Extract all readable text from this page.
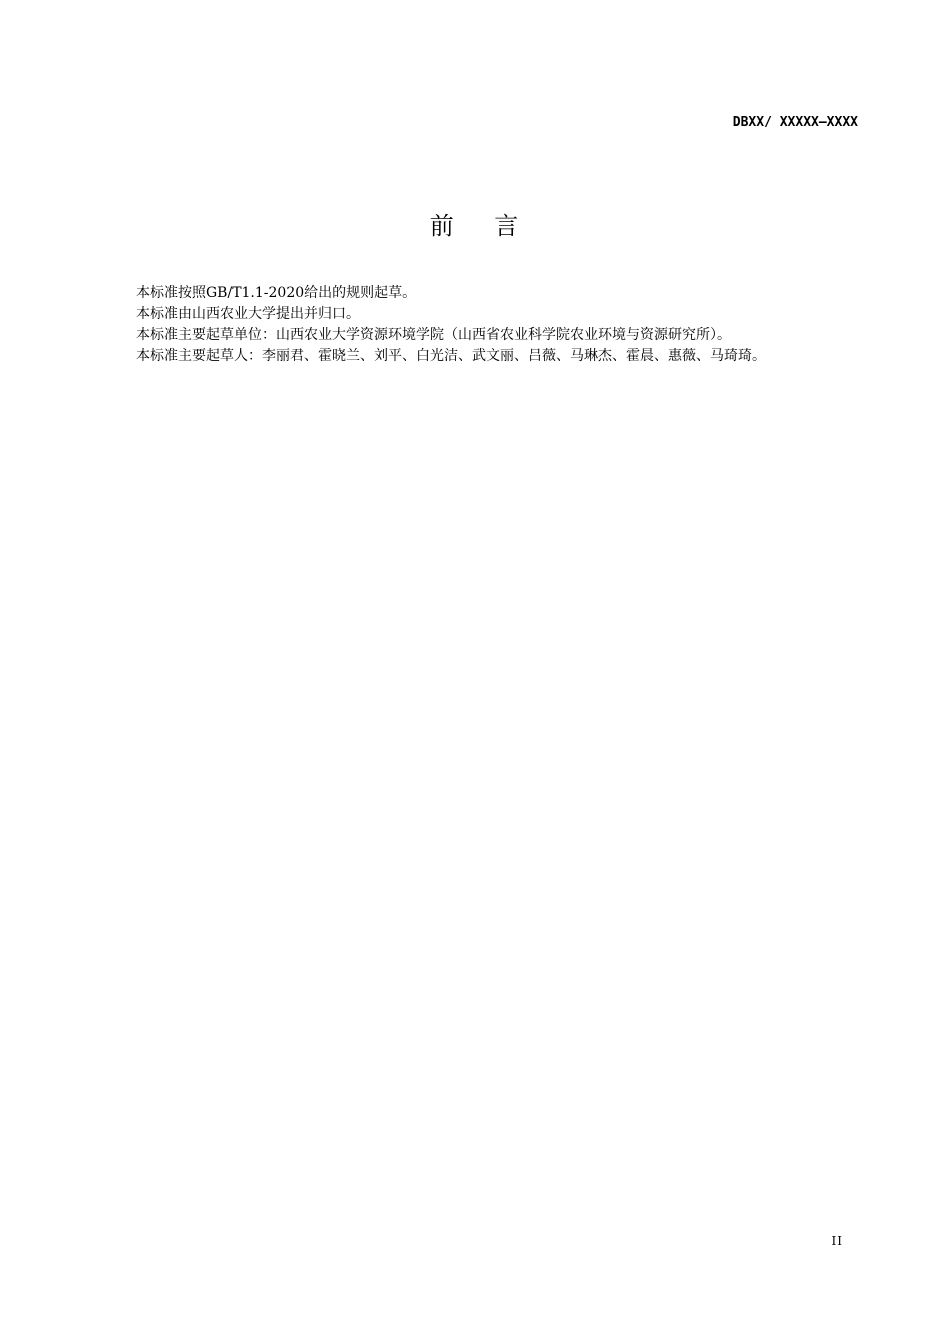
DBXX/ XXXXX—XXXX
前    言

本标准按照GB/T1.1-2020给出的规则起草。

本标准由山西农业大学提出并归口。

本标准主要起草单位：山西农业大学资源环境学院（山西省农业科学院农业环境与资源研究所）。

本标准主要起草人：李丽君、霍晓兰、刘平、白光洁、武文丽、吕薇、马琳杰、霍晨、惠薇、马琦琦。

II
